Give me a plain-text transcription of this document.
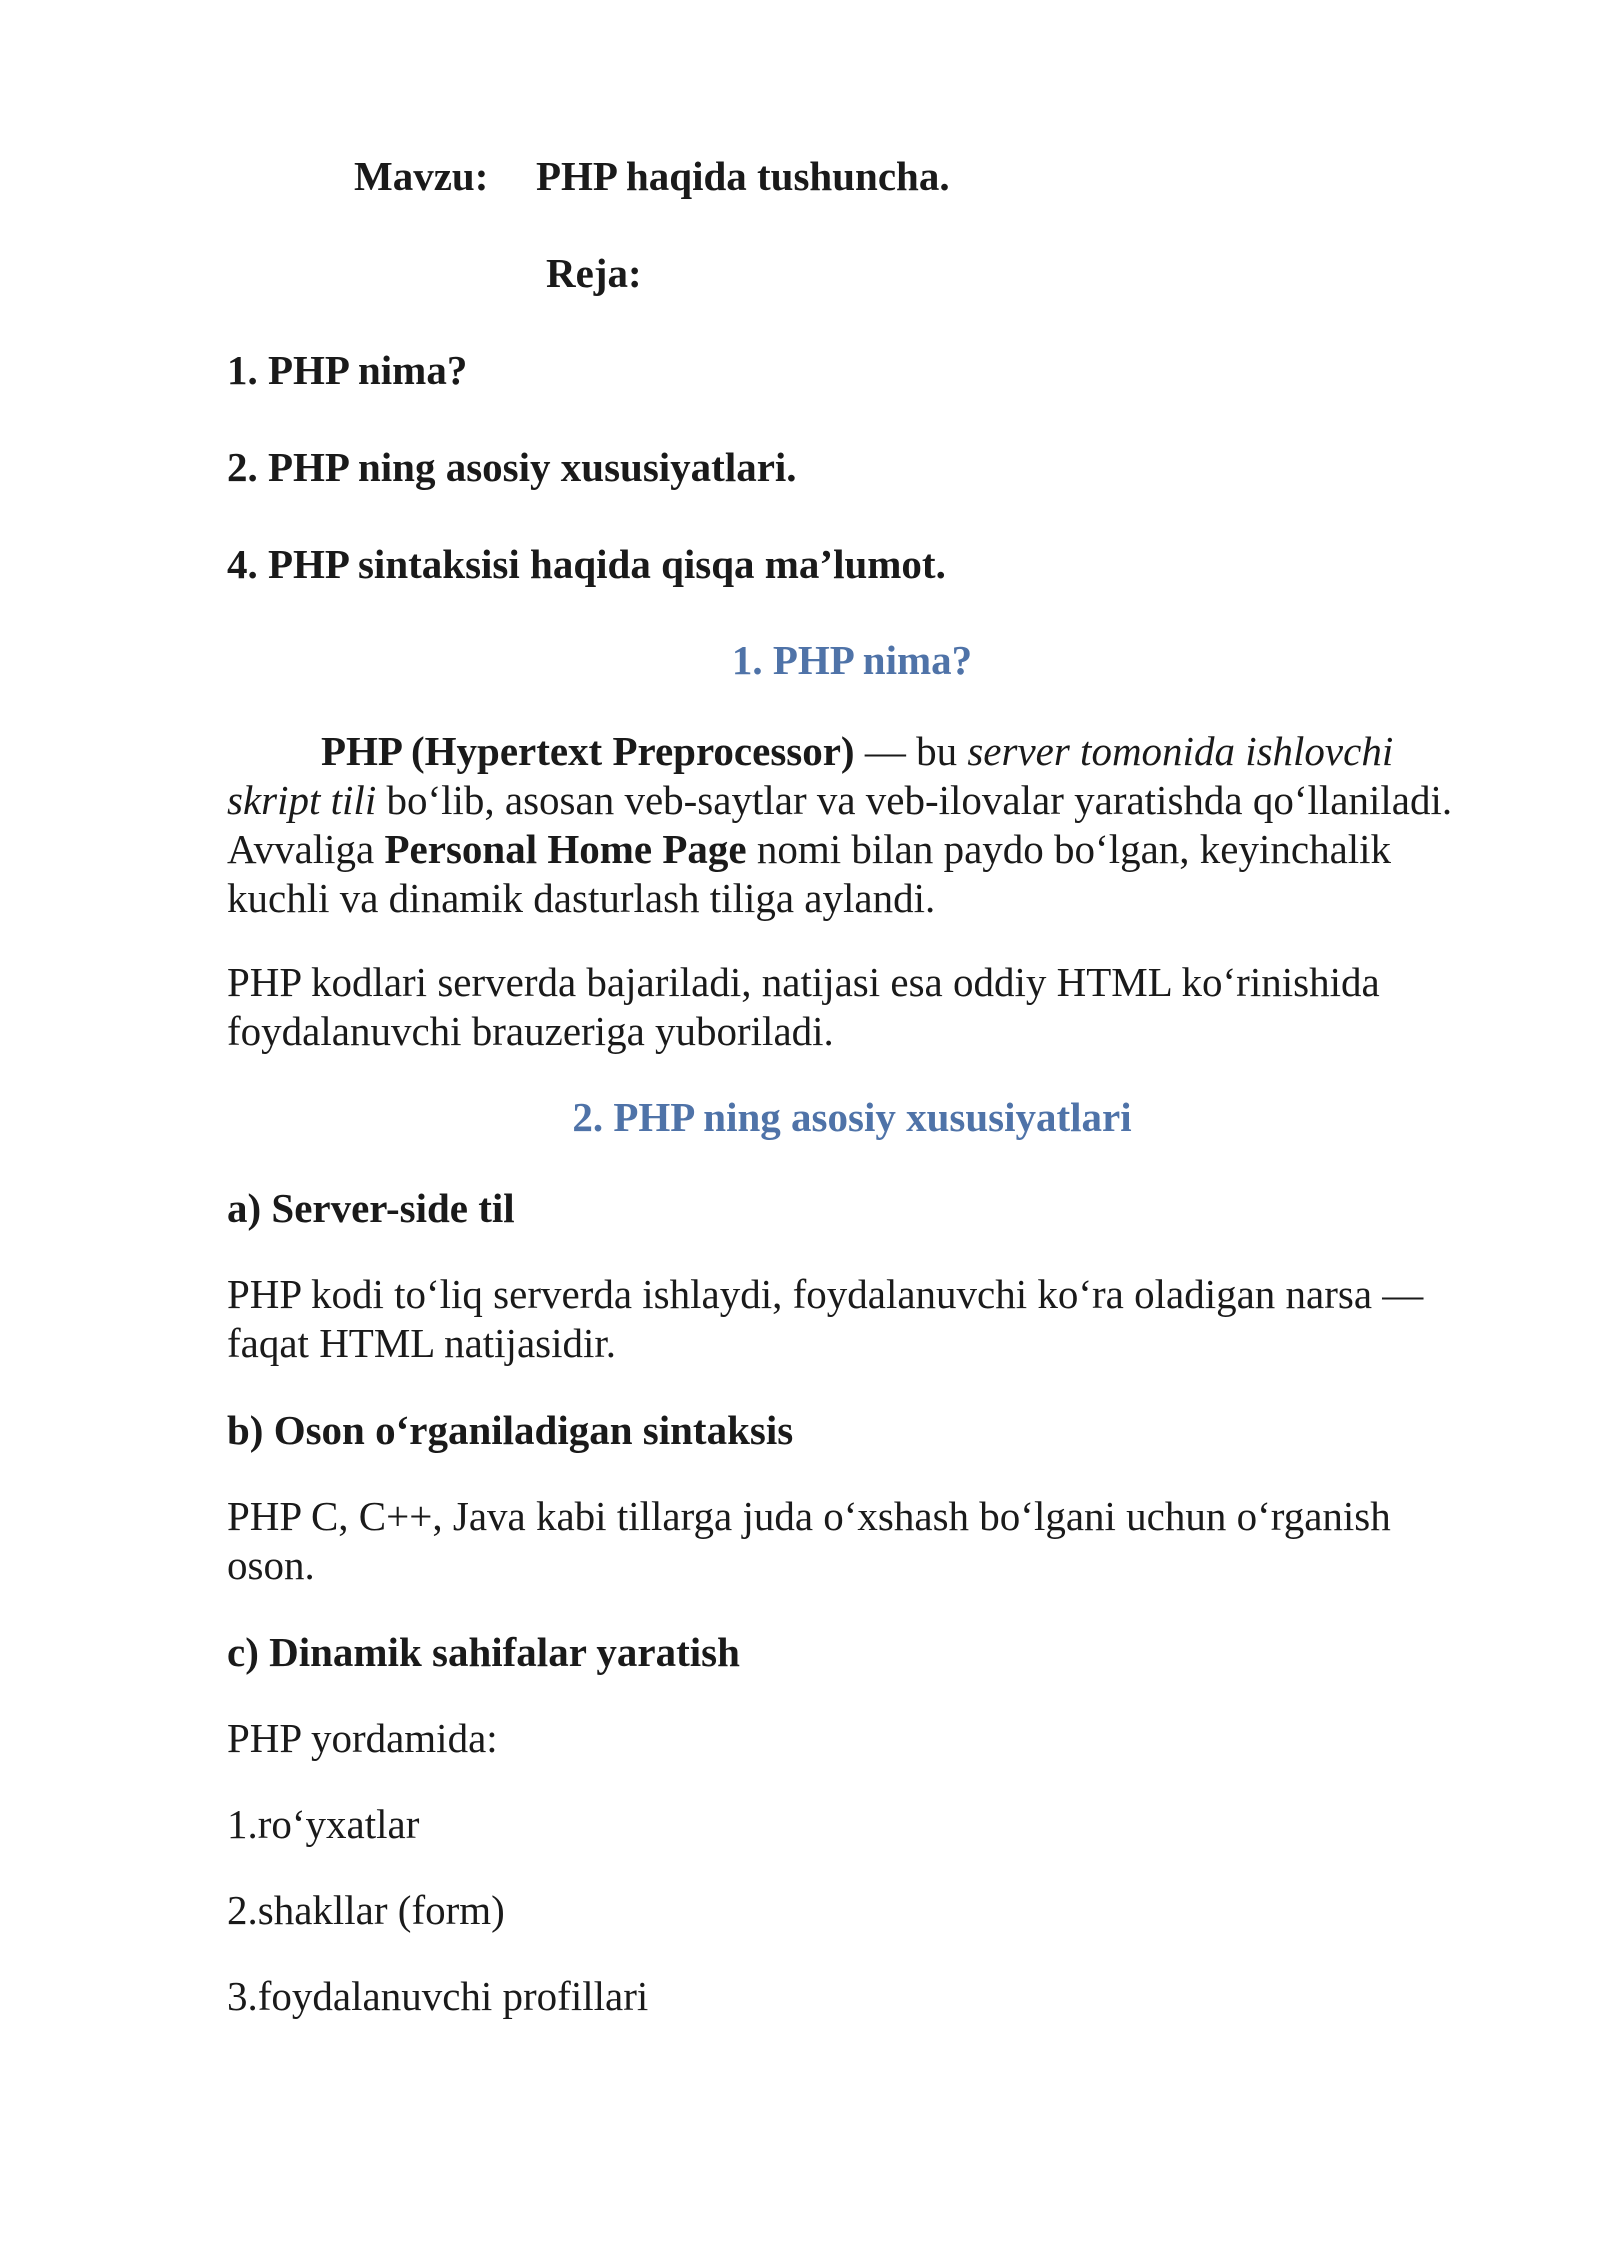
Mavzu: PHP haqida tushuncha.

Reja:

1. PHP nima?

2. PHP ning asosiy xususiyatlari.

4. PHP sintaksisi haqida qisqa ma’lumot.

1. PHP nima?

PHP (Hypertext Preprocessor) — bu server tomonida ishlovchi skript tili bo‘lib, asosan veb-saytlar va veb-ilovalar yaratishda qo‘llaniladi. Avvaliga Personal Home Page nomi bilan paydo bo‘lgan, keyinchalik kuchli va dinamik dasturlash tiliga aylandi.

PHP kodlari serverda bajariladi, natijasi esa oddiy HTML ko‘rinishida foydalanuvchi brauzeriga yuboriladi.

2. PHP ning asosiy xususiyatlari

a) Server-side til

PHP kodi to‘liq serverda ishlaydi, foydalanuvchi ko‘ra oladigan narsa — faqat HTML natijasidir.

b) Oson o‘rganiladigan sintaksis

PHP C, C++, Java kabi tillarga juda o‘xshash bo‘lgani uchun o‘rganish oson.

c) Dinamik sahifalar yaratish

PHP yordamida:

1.ro‘yxatlar

2.shakllar (form)

3.foydalanuvchi profillari
